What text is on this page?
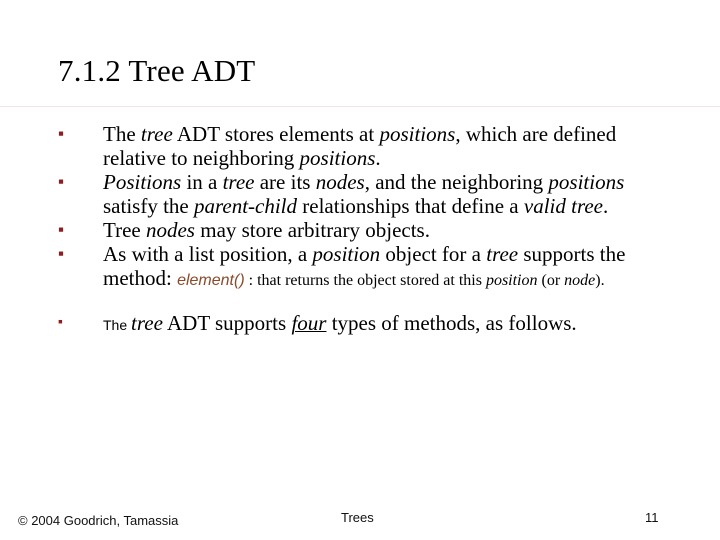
7.1.2 Tree ADT
▪	The tree ADT stores elements at positions, which are defined relative to neighboring positions.
▪	Positions in a tree are its nodes, and the neighboring positions satisfy the parent-child relationships that define a valid tree.
▪	Tree nodes may store arbitrary objects.
▪	As with a list position, a position object for a tree supports the method: element() : that returns the object stored at this position (or node).
▪	The tree ADT supports four types of methods, as follows.
© 2004 Goodrich, Tamassia	Trees	11
